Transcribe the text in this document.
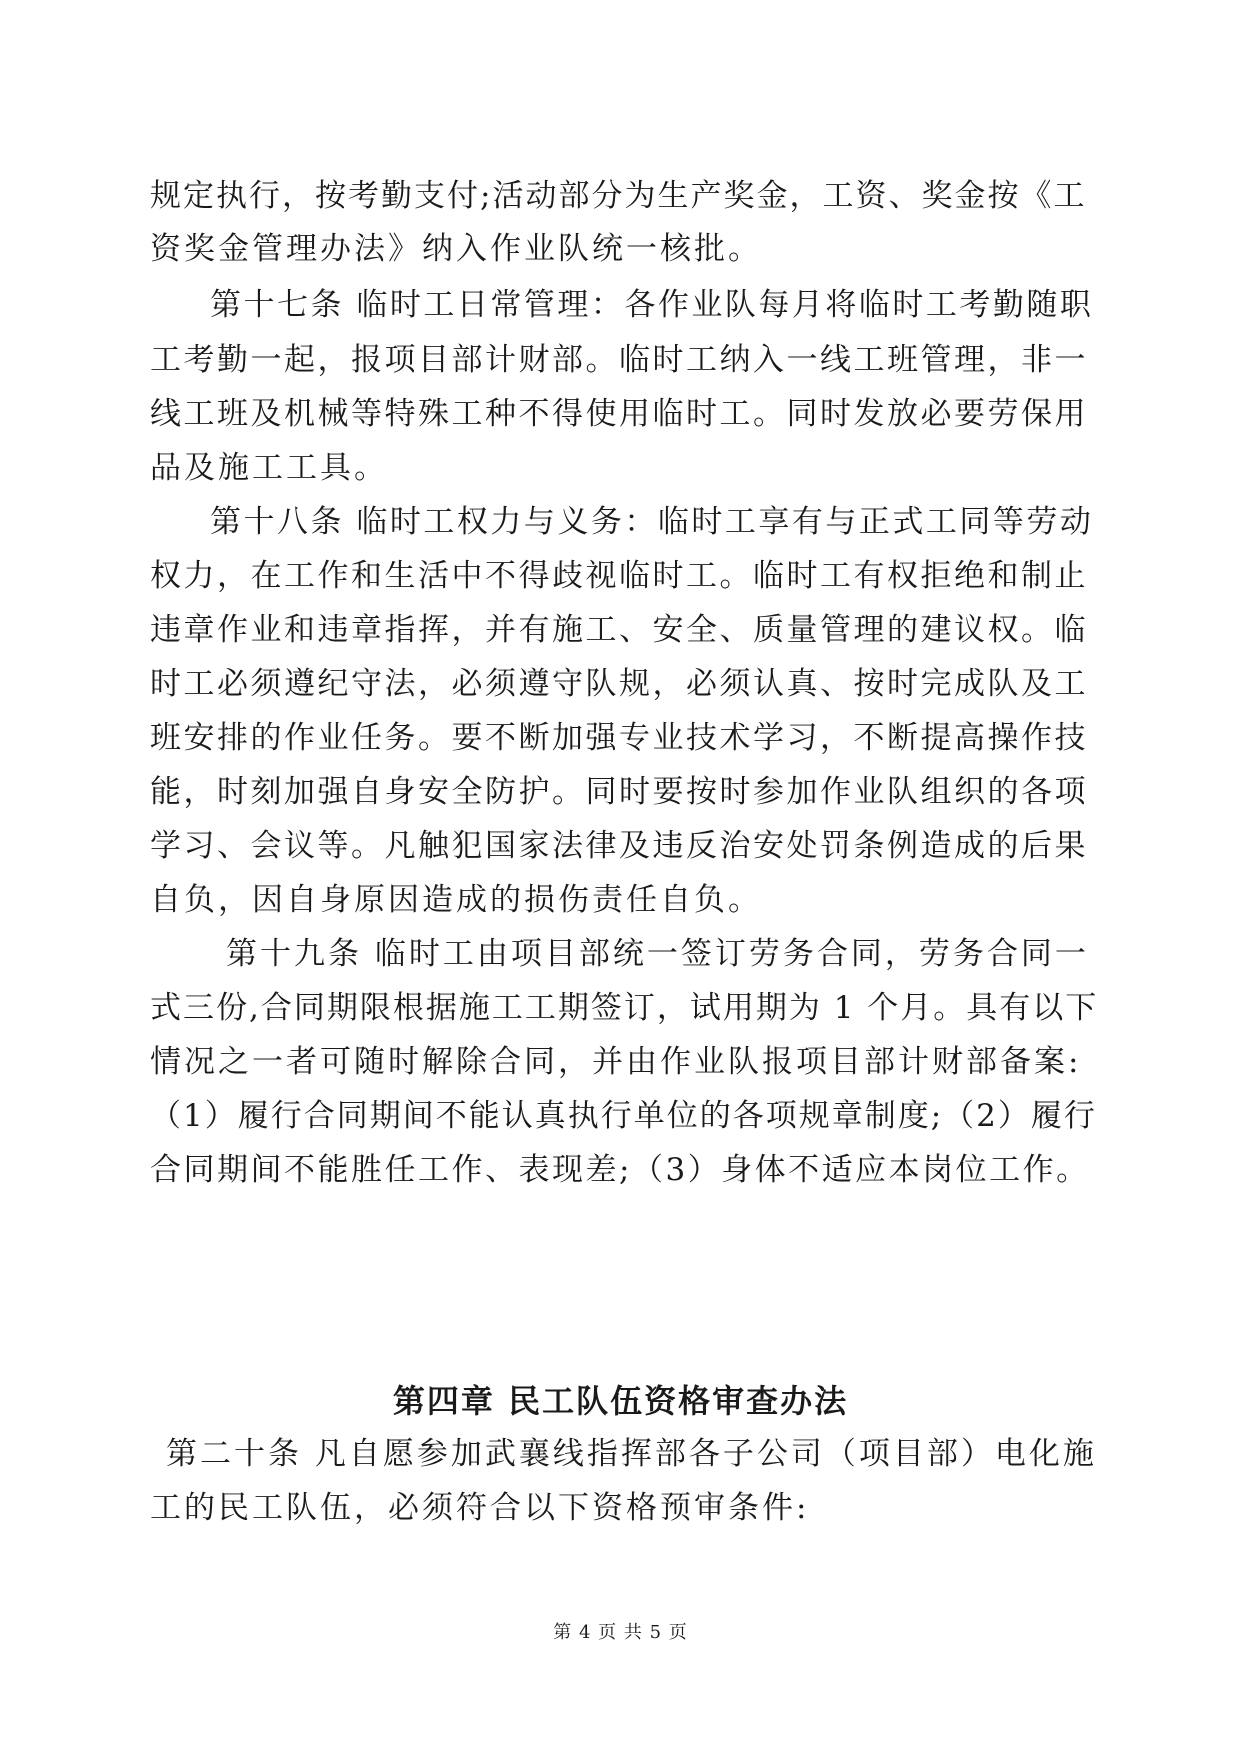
规定执行，按考勤支付;活动部分为生产奖金，工资、奖金按《工
资奖金管理办法》纳入作业队统一核批。
第十七条 临时工日常管理：各作业队每月将临时工考勤随职
工考勤一起，报项目部计财部。临时工纳入一线工班管理，非一
线工班及机械等特殊工种不得使用临时工。同时发放必要劳保用
品及施工工具。
第十八条 临时工权力与义务：临时工享有与正式工同等劳动
权力，在工作和生活中不得歧视临时工。临时工有权拒绝和制止
违章作业和违章指挥，并有施工、安全、质量管理的建议权。临
时工必须遵纪守法，必须遵守队规，必须认真、按时完成队及工
班安排的作业任务。要不断加强专业技术学习，不断提高操作技
能，时刻加强自身安全防护。同时要按时参加作业队组织的各项
学习、会议等。凡触犯国家法律及违反治安处罚条例造成的后果
自负，因自身原因造成的损伤责任自负。
第十九条 临时工由项目部统一签订劳务合同，劳务合同一
式三份,合同期限根据施工工期签订，试用期为 1 个月。具有以下
情况之一者可随时解除合同，并由作业队报项目部计财部备案:
（1）履行合同期间不能认真执行单位的各项规章制度;（2）履行
合同期间不能胜任工作、表现差;（3）身体不适应本岗位工作。
第四章 民工队伍资格审查办法
第二十条 凡自愿参加武襄线指挥部各子公司（项目部）电化施
工的民工队伍，必须符合以下资格预审条件:
第 4 页 共 5 页
